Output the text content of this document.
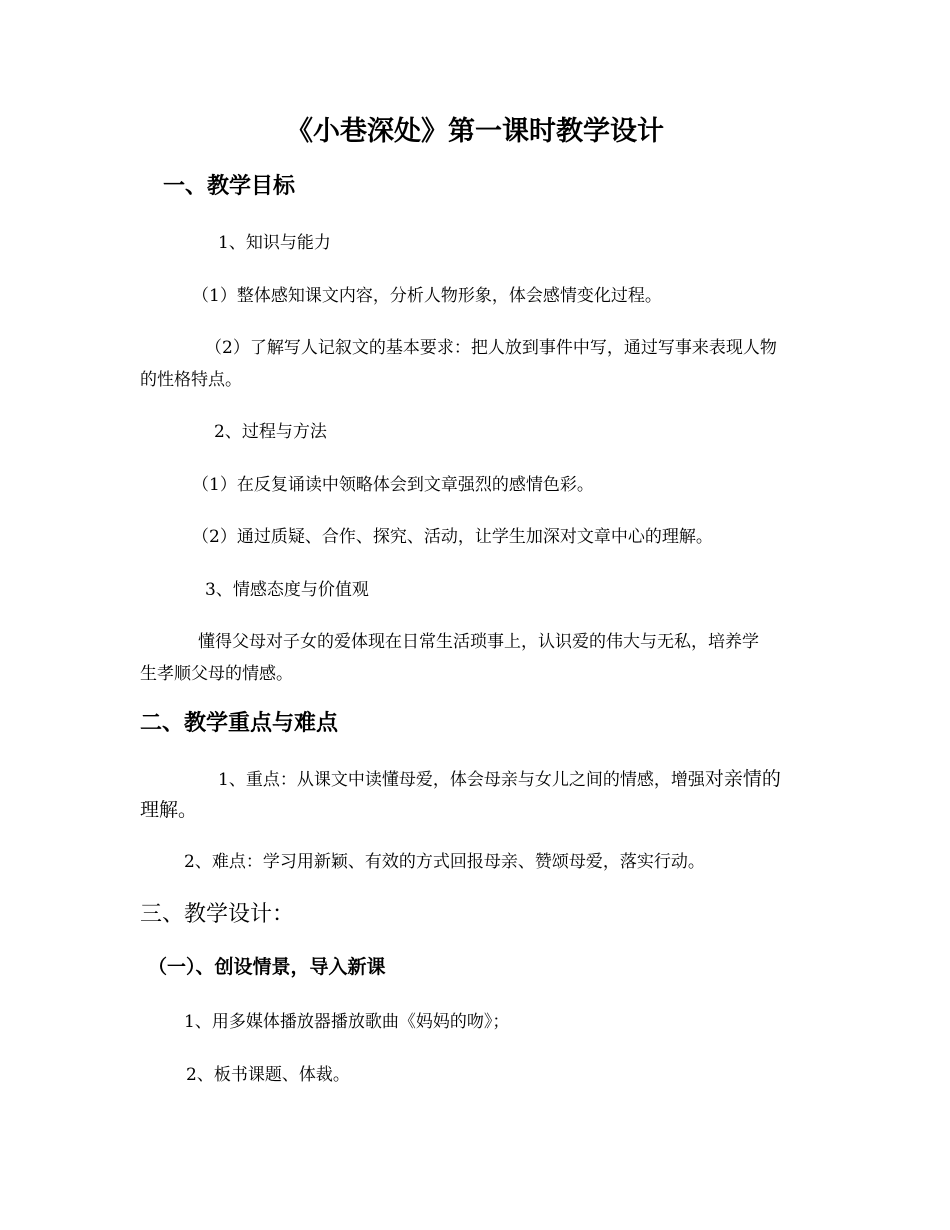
《小巷深处》第一课时教学设计
一、教学目标
1、知识与能力
（1）整体感知课文内容，分析人物形象，体会感情变化过程。
（2）了解写人记叙文的基本要求：把人放到事件中写，通过写事来表现人物
的性格特点。
2、过程与方法
（1）在反复诵读中领略体会到文章强烈的感情色彩。
（2）通过质疑、合作、探究、活动，让学生加深对文章中心的理解。
3、情感态度与价值观
懂得父母对子女的爱体现在日常生活琐事上，认识爱的伟大与无私，培养学
生孝顺父母的情感。
二、教学重点与难点
1、重点：从课文中读懂母爱，体会母亲与女儿之间的情感，增强对亲情的
理解。
2、难点：学习用新颖、有效的方式回报母亲、赞颂母爱，落实行动。
三、教学设计：
（一）、创设情景，导入新课
1、用多媒体播放器播放歌曲《妈妈的吻》；
2、板书课题、体裁。
